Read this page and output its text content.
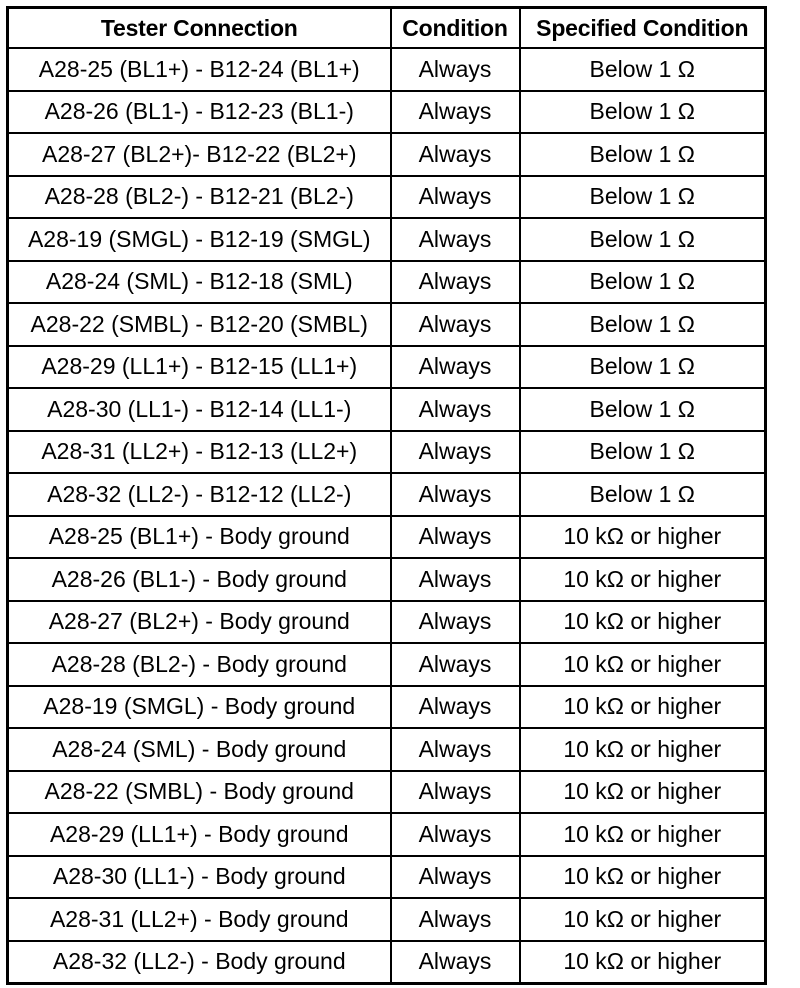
Tester Connection	Condition	Specified Condition
A28-25 (BL1+) - B12-24 (BL1+)	Always	Below 1 Ω
A28-26 (BL1-) - B12-23 (BL1-)	Always	Below 1 Ω
A28-27 (BL2+)- B12-22 (BL2+)	Always	Below 1 Ω
A28-28 (BL2-) - B12-21 (BL2-)	Always	Below 1 Ω
A28-19 (SMGL) - B12-19 (SMGL)	Always	Below 1 Ω
A28-24 (SML) - B12-18 (SML)	Always	Below 1 Ω
A28-22 (SMBL) - B12-20 (SMBL)	Always	Below 1 Ω
A28-29 (LL1+) - B12-15 (LL1+)	Always	Below 1 Ω
A28-30 (LL1-) - B12-14 (LL1-)	Always	Below 1 Ω
A28-31 (LL2+) - B12-13 (LL2+)	Always	Below 1 Ω
A28-32 (LL2-) - B12-12 (LL2-)	Always	Below 1 Ω
A28-25 (BL1+) - Body ground	Always	10 kΩ or higher
A28-26 (BL1-) - Body ground	Always	10 kΩ or higher
A28-27 (BL2+) - Body ground	Always	10 kΩ or higher
A28-28 (BL2-) - Body ground	Always	10 kΩ or higher
A28-19 (SMGL) - Body ground	Always	10 kΩ or higher
A28-24 (SML) - Body ground	Always	10 kΩ or higher
A28-22 (SMBL) - Body ground	Always	10 kΩ or higher
A28-29 (LL1+) - Body ground	Always	10 kΩ or higher
A28-30 (LL1-) - Body ground	Always	10 kΩ or higher
A28-31 (LL2+) - Body ground	Always	10 kΩ or higher
A28-32 (LL2-) - Body ground	Always	10 kΩ or higher
